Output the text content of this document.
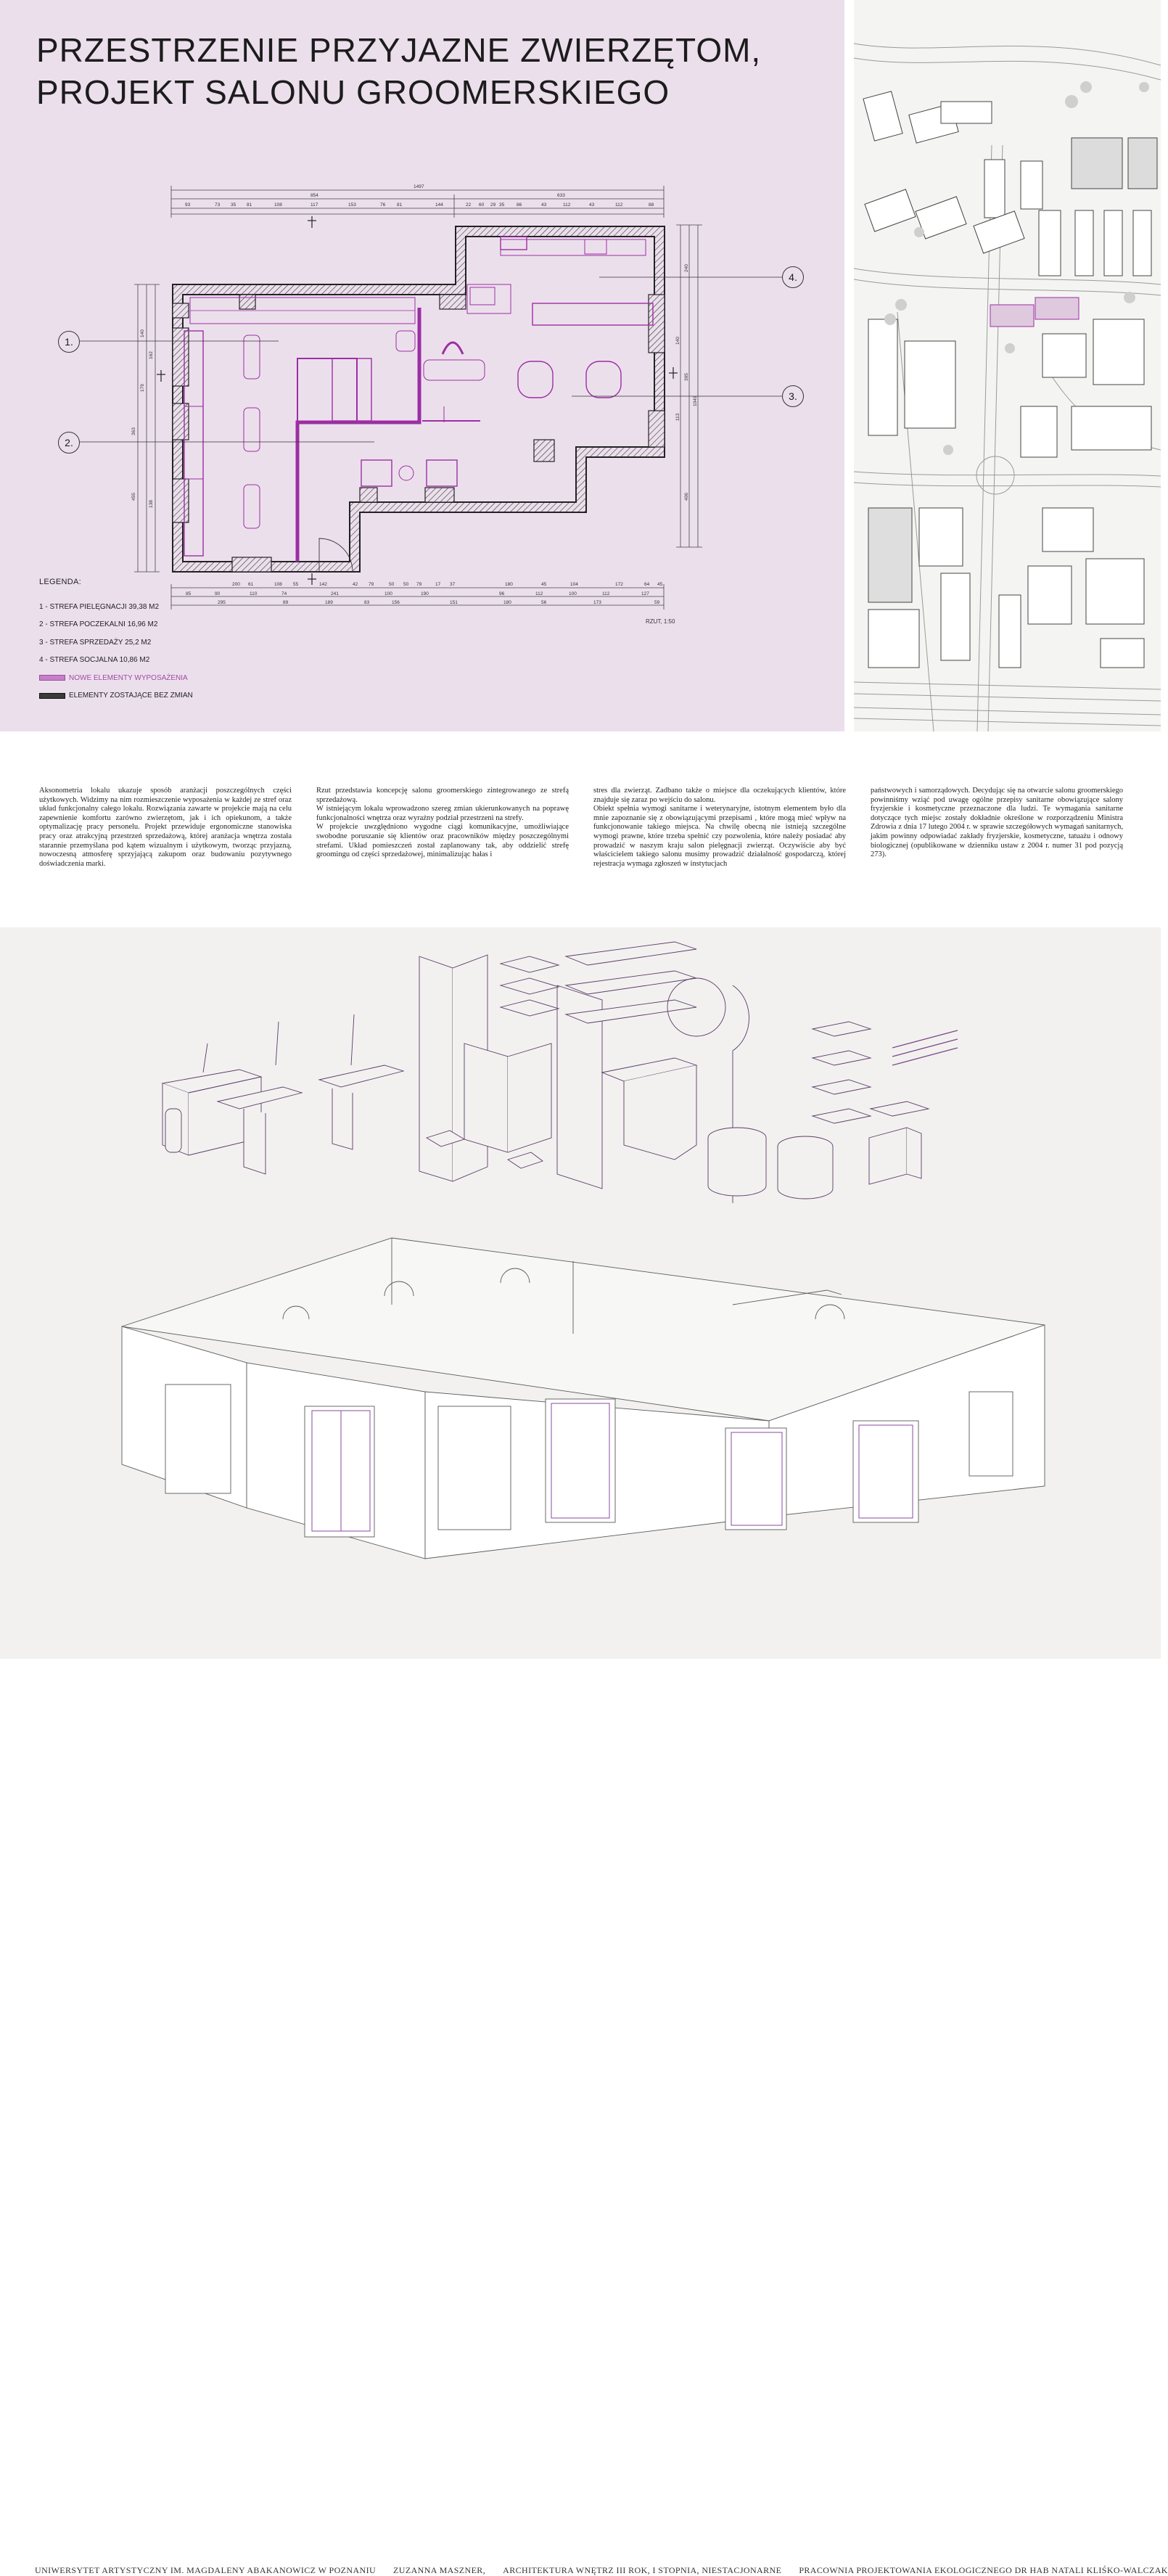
PRZESTRZENIE PRZYJAZNE ZWIERZĘTOM,
PROJEKT SALONU GROOMERSKIEGO
1497
854	633
93	73 35 81	108	117	153	76 81	144	22 60 29 35	86	43	112	43	112	88
200 61	108 55	142	42 79	50 50 79	17 37	180	45	104	172	64 45
85	90	110	74	241	100	190	96	112	100	112	127
295	89	189	83	156	151	180	56	173	59
363
455
140
179
162
138
1049
395
240
406
140
113
1.
2.
3.
4.
RZUT, 1:50
LEGENDA:
1 - STREFA PIELĘGNACJI 39,38 M2
2 - STREFA POCZEKALNI 16,96 M2
3 - STREFA SPRZEDAŻY 25,2 M2
4 - STREFA SOCJALNA 10,86 M2
NOWE ELEMENTY WYPOSAŻENIA
ELEMENTY ZOSTAJĄCE BEZ ZMIAN

Aksonometria lokalu ukazuje sposób aranżacji poszczególnych części użytkowych. Widzimy na nim rozmieszczenie wyposażenia w każdej ze stref oraz układ funkcjonalny całego lokalu. Rozwiązania zawarte w projekcie mają na celu zapewnienie komfortu zarówno zwierzętom, jak i ich opiekunom, a także optymalizację pracy personelu. Projekt przewiduje ergonomiczne stanowiska pracy oraz atrakcyjną przestrzeń sprzedażową, której aranżacja wnętrza została starannie przemyślana pod kątem wizualnym i użytkowym, tworząc przyjazną, nowoczesną atmosferę sprzyjającą zakupom oraz budowaniu pozytywnego doświadczenia marki.

Rzut przedstawia koncepcję salonu groomerskiego zintegrowanego ze strefą sprzedażową.
W istniejącym lokalu wprowadzono szereg zmian ukierunkowanych na poprawę funkcjonalności wnętrza oraz wyraźny podział przestrzeni na strefy.
W projekcie uwzględniono wygodne ciągi komunikacyjne, umożliwiające swobodne poruszanie się klientów oraz pracowników między poszczególnymi strefami. Układ pomieszczeń został zaplanowany tak, aby oddzielić strefę groomingu od części sprzedażowej, minimalizując hałas i

stres dla zwierząt. Zadbano także o miejsce dla oczekujących klientów, które znajduje się zaraz po wejściu do salonu.
Obiekt spełnia wymogi sanitarne i weterynaryjne, istotnym elementem było dla mnie zapoznanie się z obowiązującymi przepisami , które mogą mieć wpływ na funkcjonowanie takiego miejsca. Na chwilę obecną nie istnieją szczególne wymogi prawne, które trzeba spełnić czy pozwolenia, które należy posiadać aby prowadzić w naszym kraju salon pielęgnacji zwierząt. Oczywiście aby być właścicielem takiego salonu musimy prowadzić działalność gospodarczą, której rejestracja wymaga zgłoszeń w instytucjach

państwowych i samorządowych. Decydując się na otwarcie salonu groomerskiego powinniśmy wziąć pod uwagę ogólne przepisy sanitarne obowiązujące salony fryzjerskie i kosmetyczne przeznaczone dla ludzi. Te wymagania sanitarne dotyczące tych miejsc zostały dokładnie określone w rozporządzeniu Ministra Zdrowia z dnia 17 lutego 2004 r. w sprawie szczegółowych wymagań sanitarnych, jakim powinny odpowiadać zakłady fryzjerskie, kosmetyczne, tatuażu i odnowy biologicznej (opublikowane w dzienniku ustaw z 2004 r. numer 31 pod pozycją 273).

UNIWERSYTET ARTYSTYCZNY IM. MAGDALENY ABAKANOWICZ W POZNANIU ZUZANNA MASZNER, ARCHITEKTURA WNĘTRZ III ROK, I STOPNIA, NIESTACJONARNE PRACOWNIA PROJEKTOWANIA EKOLOGICZNEGO DR HAB NATALI KLIŚKO-WALCZAK
